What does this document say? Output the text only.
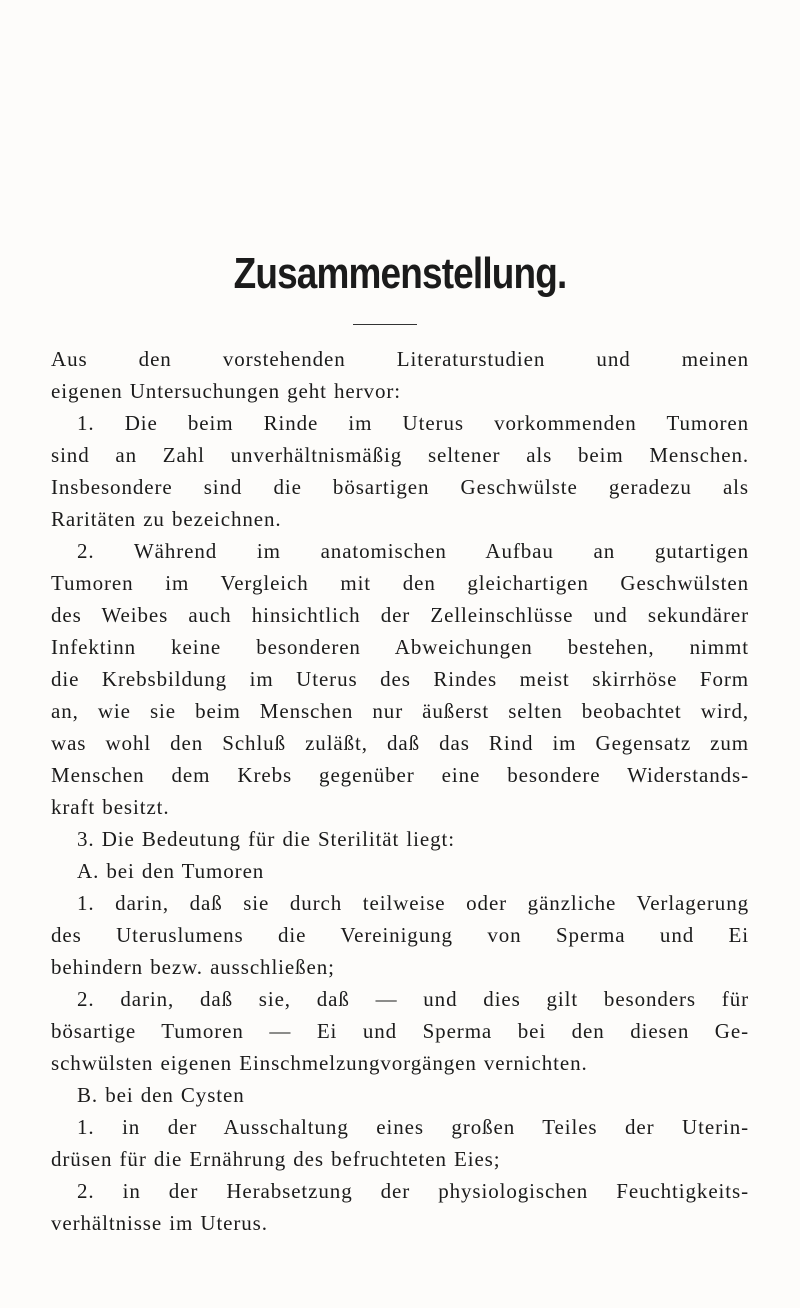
Zusammenstellung.
Aus den vorstehenden Literaturstudien und meinen
eigenen Untersuchungen geht hervor:
1. Die beim Rinde im Uterus vorkommenden Tumoren
sind an Zahl unverhältnismäßig seltener als beim Menschen.
Insbesondere sind die bösartigen Geschwülste geradezu als
Raritäten zu bezeichnen.
2. Während im anatomischen Aufbau an gutartigen
Tumoren im Vergleich mit den gleichartigen Geschwülsten
des Weibes auch hinsichtlich der Zelleinschlüsse und sekundärer
Infektinn keine besonderen Abweichungen bestehen, nimmt
die Krebsbildung im Uterus des Rindes meist skirrhöse Form
an, wie sie beim Menschen nur äußerst selten beobachtet wird,
was wohl den Schluß zuläßt, daß das Rind im Gegensatz zum
Menschen dem Krebs gegenüber eine besondere Widerstands-
kraft besitzt.
3. Die Bedeutung für die Sterilität liegt:
A. bei den Tumoren
1. darin, daß sie durch teilweise oder gänzliche Verlagerung
des Uteruslumens die Vereinigung von Sperma und Ei
behindern bezw. ausschließen;
2. darin, daß sie, daß — und dies gilt besonders für
bösartige Tumoren — Ei und Sperma bei den diesen Ge-
schwülsten eigenen Einschmelzungvorgängen vernichten.
B. bei den Cysten
1. in der Ausschaltung eines großen Teiles der Uterin-
drüsen für die Ernährung des befruchteten Eies;
2. in der Herabsetzung der physiologischen Feuchtigkeits-
verhältnisse im Uterus.
